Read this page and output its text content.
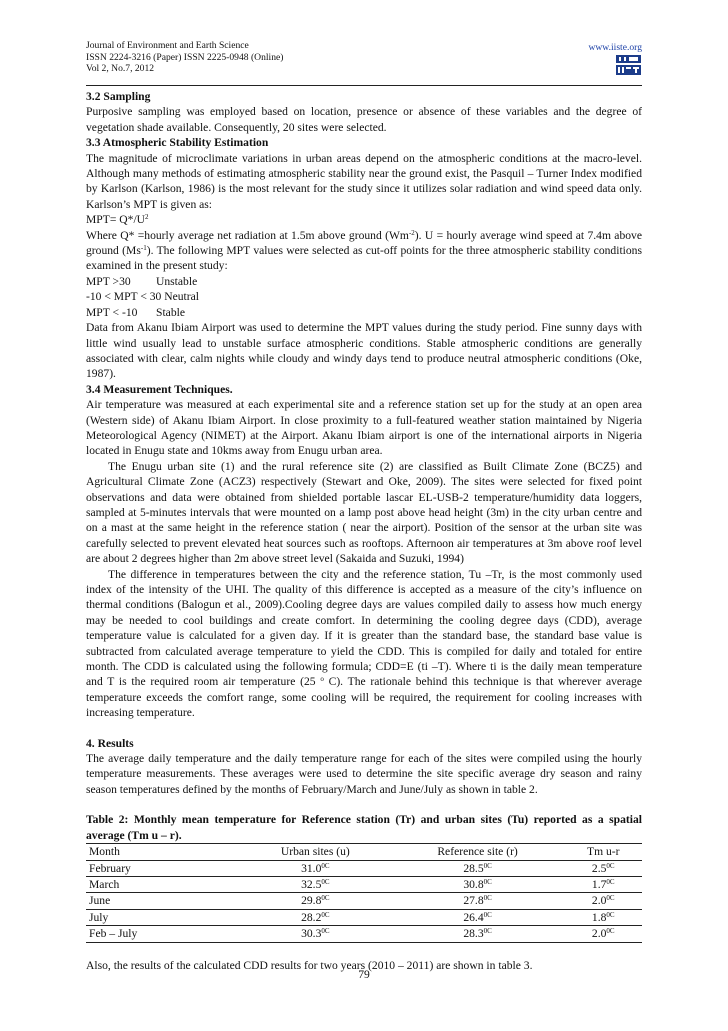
Journal of Environment and Earth Science
ISSN 2224-3216 (Paper) ISSN 2225-0948 (Online)
Vol 2, No.7, 2012
www.iiste.org

3.2 Sampling

Purposive sampling was employed based on location, presence or absence of these variables and the degree of vegetation shade available. Consequently, 20 sites were selected.

3.3 Atmospheric Stability Estimation

The magnitude of microclimate variations in urban areas depend on the atmospheric conditions at the macro-level. Although many methods of estimating atmospheric stability near the ground exist, the Pasquil – Turner Index modified by Karlson (Karlson, 1986) is the most relevant for the study since it utilizes solar radiation and wind speed data only. Karlson’s MPT is given as:

$MPT= Q*/U^2$

Where Q* =hourly average net radiation at 1.5m above ground $(Wm^{-2})$. U = hourly average wind speed at 7.4m above ground $(Ms^{-1})$. The following MPT values were selected as cut-off points for the three atmospheric stability conditions examined in the present study:

MPT >30 Unstable

-10 < MPT < 30 Neutral

MPT < -10 Stable

Data from Akanu Ibiam Airport was used to determine the MPT values during the study period. Fine sunny days with little wind usually lead to unstable surface atmospheric conditions. Stable atmospheric conditions are generally associated with clear, calm nights while cloudy and windy days tend to produce neutral atmospheric conditions (Oke, 1987).

3.4 Measurement Techniques.

Air temperature was measured at each experimental site and a reference station set up for the study at an open area (Western side) of Akanu Ibiam Airport. In close proximity to a full-featured weather station maintained by Nigeria Meteorological Agency (NIMET) at the Airport. Akanu Ibiam airport is one of the international airports in Nigeria located in Enugu state and 10kms away from Enugu urban area.

The Enugu urban site (1) and the rural reference site (2) are classified as Built Climate Zone (BCZ5) and Agricultural Climate Zone (ACZ3) respectively (Stewart and Oke, 2009). The sites were selected for fixed point observations and data were obtained from shielded portable lascar EL-USB-2 temperature/humidity data loggers, sampled at 5-minutes intervals that were mounted on a lamp post above head height (3m) in the city urban centre and on a mast at the same height in the reference station ( near the airport). Position of the sensor at the urban site was carefully selected to prevent elevated heat sources such as rooftops. Afternoon air temperatures at 3m above roof level are about 2 degrees higher than 2m above street level (Sakaida and Suzuki, 1994)

The difference in temperatures between the city and the reference station, Tu –Tr, is the most commonly used index of the intensity of the UHI. The quality of this difference is accepted as a measure of the city’s influence on thermal conditions (Balogun et al., 2009).Cooling degree days are values compiled daily to assess how much energy may be needed to cool buildings and create comfort. In determining the cooling degree days (CDD), average temperature value is calculated for a given day. If it is greater than the standard base, the standard base value is subtracted from calculated average temperature to yield the CDD. This is compiled for daily and totaled for entire month. The CDD is calculated using the following formula; CDD=E (ti –T). Where ti is the daily mean temperature and T is the required room air temperature (25 $^o$ C). The rationale behind this technique is that wherever average temperature exceeds the comfort range, some cooling will be required, the requirement for cooling increases with increasing temperature.

4. Results

The average daily temperature and the daily temperature range for each of the sites were compiled using the hourly temperature measurements. These averages were used to determine the site specific average dry season and rainy season temperatures defined by the months of February/March and June/July as shown in table 2.

Table 2: Monthly mean temperature for Reference station (Tr) and urban sites (Tu) reported as a spatial average (Tm u – r).

Month	Urban sites (u)	Reference site (r)	Tm u-r
February	$31.0^{0C}$	$28.5^{0C}$	$2.5^{0C}$
March	$32.5^{0C}$	$30.8^{0C}$	$1.7^{0C}$
June	$29.8^{0C}$	$27.8^{0C}$	$2.0^{0C}$
July	$28.2^{0C}$	$26.4^{0C}$	$1.8^{0C}$
Feb – July	$30.3^{0C}$	$28.3^{0C}$	$2.0^{0C}$

Also, the results of the calculated CDD results for two years (2010 – 2011) are shown in table 3.

79
